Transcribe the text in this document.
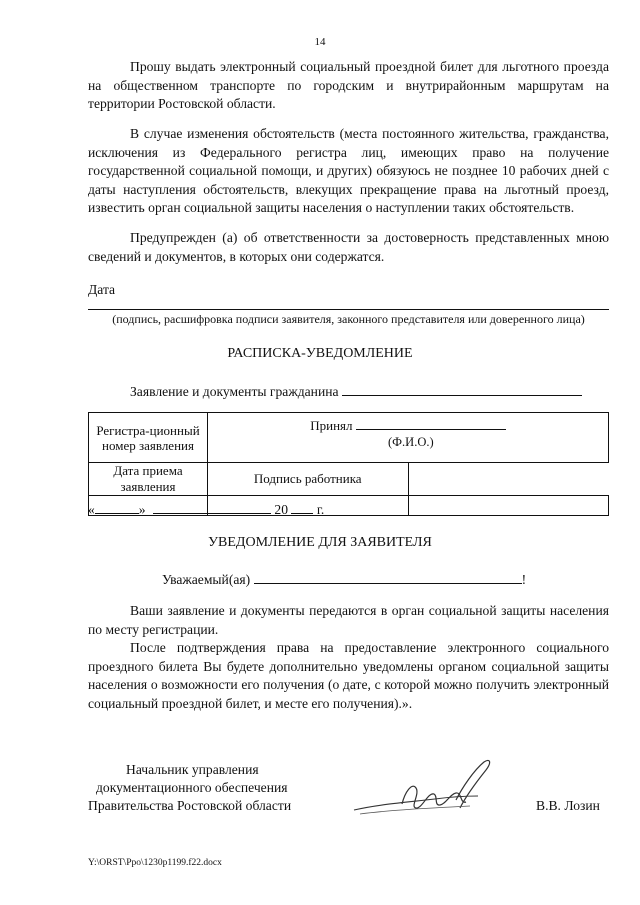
14

Прошу выдать электронный социальный проездной билет для льготного проезда на общественном транспорте по городским и внутрирайонным маршрутам на территории Ростовской области.

В случае изменения обстоятельств (места постоянного жительства, гражданства, исключения из Федерального регистра лиц, имеющих право на получение государственной социальной помощи, и других) обязуюсь не позднее 10 рабочих дней с даты наступления обстоятельств, влекущих прекращение права на льготный проезд, известить орган социальной защиты населения о наступлении таких обстоятельств.

Предупрежден (а) об ответственности за достоверность представленных мною сведений и документов, в которых они содержатся.

Дата
(подпись, расшифровка подписи заявителя, законного представителя или доверенного лица)
РАСПИСКА-УВЕДОМЛЕНИЕ
Заявление и документы гражданина
Регистра-ционный номер заявления	Принял
(Ф.И.О.)	

Дата приема заявления	Подпись работника	

«	»	20 г.
УВЕДОМЛЕНИЕ ДЛЯ ЗАЯВИТЕЛЯ
Уважаемый(ая)	!

Ваши заявление и документы передаются в орган социальной защиты населения по месту регистрации.

После подтверждения права на предоставление электронного социального проездного билета Вы будете дополнительно уведомлены органом социальной защиты населения о возможности его получения (о дате, с которой можно получить электронный социальный проездной билет, и месте его получения).».

Начальник управления
документационного обеспечения
Правительства Ростовской области	В.В. Лозин
Y:\ORST\Ppo\1230p1199.f22.docx
